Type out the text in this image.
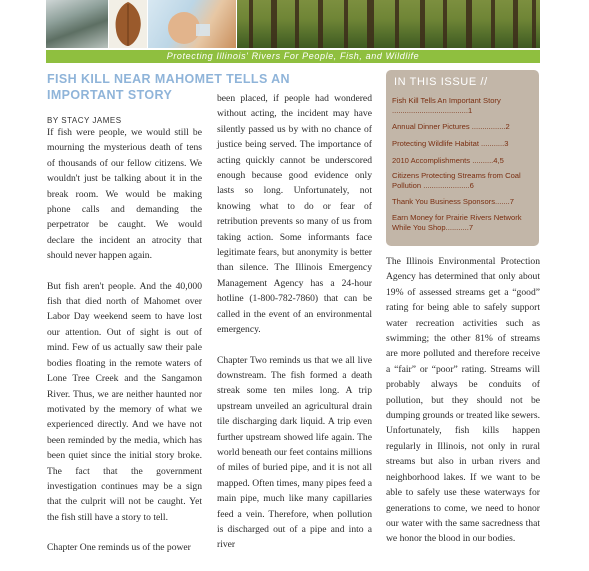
Protecting Illinois' Rivers For People, Fish, and Wildlife
FISH KILL NEAR MAHOMET TELLS AN IMPORTANT STORY
BY STACY JAMES

If fish were people, we would still be mourning the mysterious death of tens of thousands of our fellow citizens. We wouldn't just be talking about it in the break room. We would be making phone calls and demanding the perpetrator be caught. We would declare the incident an atrocity that should never happen again.

But fish aren't people. And the 40,000 fish that died north of Mahomet over Labor Day weekend seem to have lost our attention. Out of sight is out of mind. Few of us actually saw their pale bodies floating in the remote waters of Lone Tree Creek and the Sangamon River. Thus, we are neither haunted nor motivated by the memory of what we experienced directly. And we have not been reminded by the media, which has been quiet since the initial story broke. The fact that the government investigation continues may be a sign that the culprit will not be caught. Yet the fish still have a story to tell.

Chapter One reminds us of the power

been placed, if people had wondered without acting, the incident may have silently passed us by with no chance of justice being served. The importance of acting quickly cannot be underscored enough because good evidence only lasts so long. Unfortunately, not knowing what to do or fear of retribution prevents so many of us from taking action. Some informants face legitimate fears, but anonymity is better than silence. The Illinois Emergency Management Agency has a 24-hour hotline (1-800-782-7860) that can be called in the event of an environmental emergency.

Chapter Two reminds us that we all live downstream. The fish formed a death streak some ten miles long. A trip upstream unveiled an agricultural drain tile discharging dark liquid. A trip even further upstream showed life again. The world beneath our feet contains millions of miles of buried pipe, and it is not all mapped. Often times, many pipes feed a main pipe, much like many capillaries feed a vein. Therefore, when pollution is discharged out of a pipe and into a river

IN THIS ISSUE //
Fish Kill Tells An Important Story ....................................1
Annual Dinner Pictures ................2
Protecting Wildlife Habitat ...........3
2010 Accomplishments ..........4,5
Citizens Protecting Streams from Coal Pollution ......................6
Thank You Business Sponsors.......7
Earn Money for Prairie Rivers Network While You Shop...........7

The Illinois Environmental Protection Agency has determined that only about 19% of assessed streams get a “good” rating for being able to safely support water recreation activities such as swimming; the other 81% of streams are more polluted and therefore receive a “fair” or “poor” rating. Streams will probably always be conduits of pollution, but they should not be dumping grounds or treated like sewers. Unfortunately, fish kills happen regularly in Illinois, not only in rural streams but also in urban rivers and neighborhood lakes. If we want to be able to safely use these waterways for generations to come, we need to honor our water with the same sacredness that we honor the blood in our bodies.
